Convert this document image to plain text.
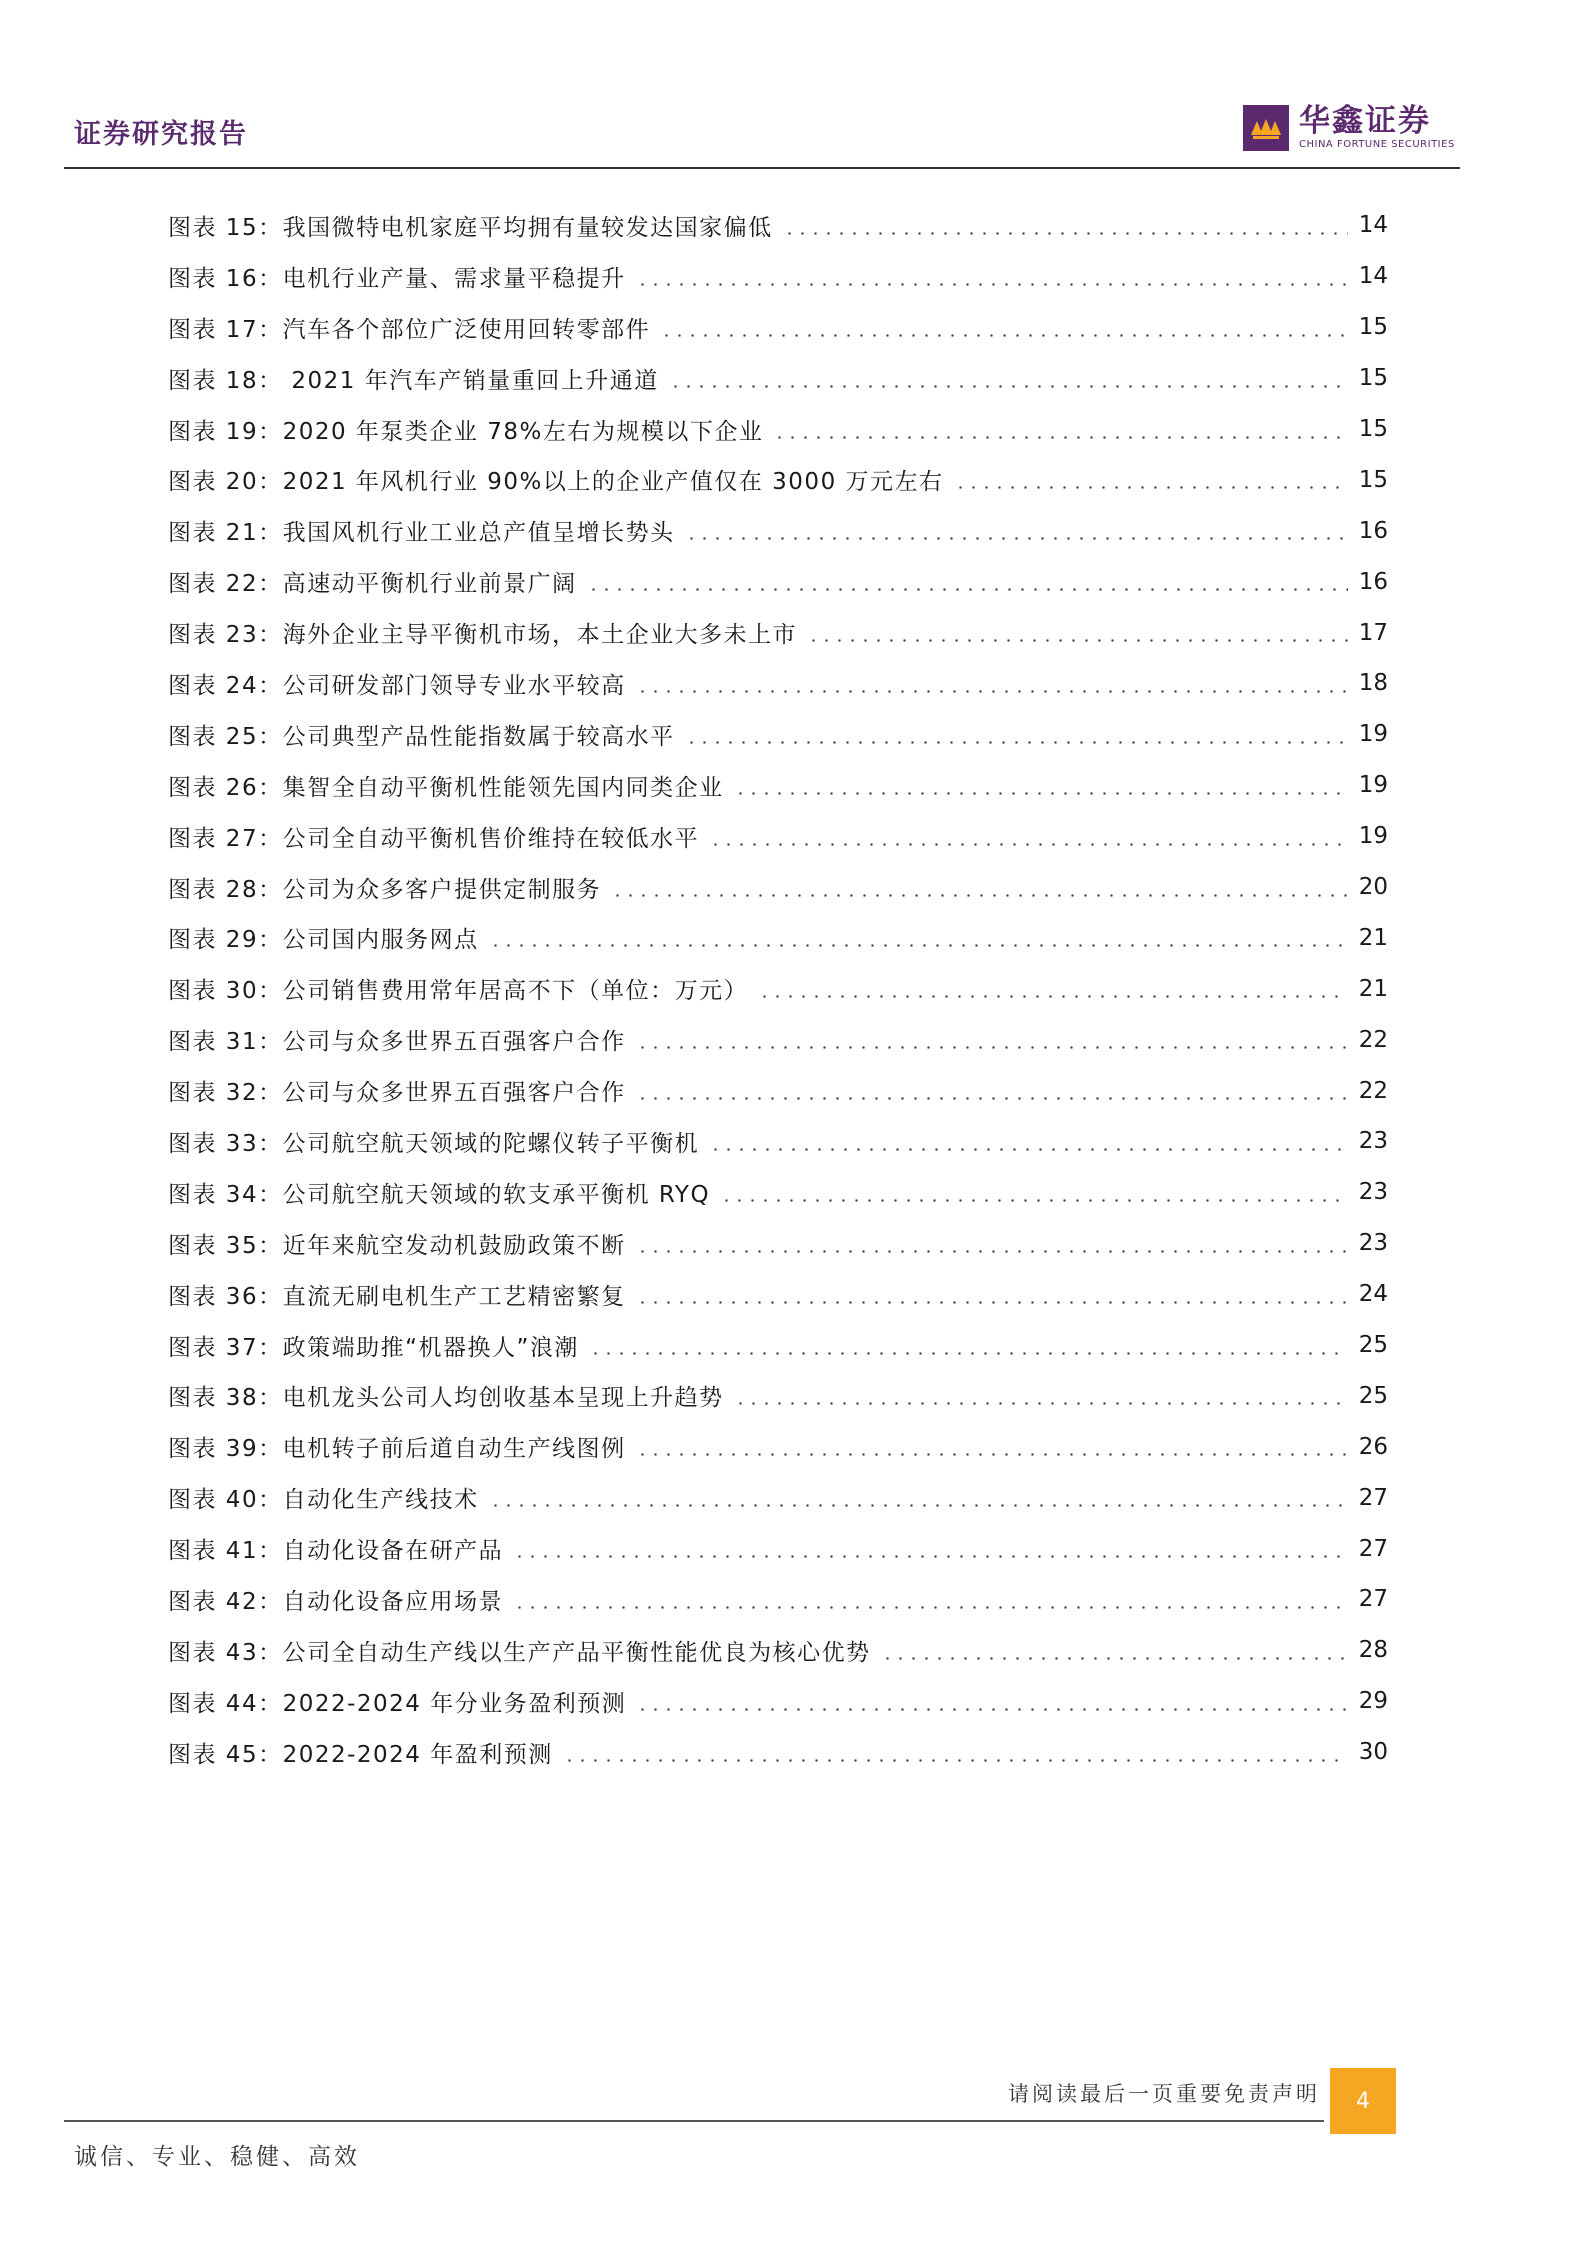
证券研究报告	华鑫证券
CHINA FORTUNE SECURITIES
图表 15：我国微特电机家庭平均拥有量较发达国家偏低	14
图表 16：电机行业产量、需求量平稳提升	14
图表 17：汽车各个部位广泛使用回转零部件	15
图表 18： 2021 年汽车产销量重回上升通道	15
图表 19：2020 年泵类企业 78%左右为规模以下企业	15
图表 20：2021 年风机行业 90%以上的企业产值仅在 3000 万元左右	15
图表 21：我国风机行业工业总产值呈增长势头	16
图表 22：高速动平衡机行业前景广阔	16
图表 23：海外企业主导平衡机市场，本土企业大多未上市	17
图表 24：公司研发部门领导专业水平较高	18
图表 25：公司典型产品性能指数属于较高水平	19
图表 26：集智全自动平衡机性能领先国内同类企业	19
图表 27：公司全自动平衡机售价维持在较低水平	19
图表 28：公司为众多客户提供定制服务	20
图表 29：公司国内服务网点	21
图表 30：公司销售费用常年居高不下（单位：万元）	21
图表 31：公司与众多世界五百强客户合作	22
图表 32：公司与众多世界五百强客户合作	22
图表 33：公司航空航天领域的陀螺仪转子平衡机	23
图表 34：公司航空航天领域的软支承平衡机 RYQ	23
图表 35：近年来航空发动机鼓励政策不断	23
图表 36：直流无刷电机生产工艺精密繁复	24
图表 37：政策端助推“机器换人”浪潮	25
图表 38：电机龙头公司人均创收基本呈现上升趋势	25
图表 39：电机转子前后道自动生产线图例	26
图表 40：自动化生产线技术	27
图表 41：自动化设备在研产品	27
图表 42：自动化设备应用场景	27
图表 43：公司全自动生产线以生产产品平衡性能优良为核心优势	28
图表 44：2022-2024 年分业务盈利预测	29
图表 45：2022-2024 年盈利预测	30
请阅读最后一页重要免责声明	4
诚信、专业、稳健、高效
